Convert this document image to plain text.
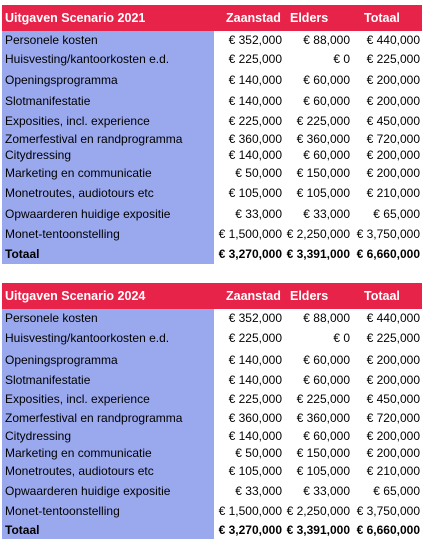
Uitgaven Scenario 2021	Zaanstad Elders	Totaal
Personele kosten	€ 352,000	€ 88,000	€ 440,000
Huisvesting/kantoorkosten e.d.	€ 225,000	€ 0	€ 225,000
Openingsprogramma	€ 140,000	€ 60,000	€ 200,000
Slotmanifestatie	€ 140,000	€ 60,000	€ 200,000
Exposities, incl. experience	€ 225,000	€ 225,000	€ 450,000
Zomerfestival en randprogramma	€ 360,000	€ 360,000	€ 720,000
Citydressing	€ 140,000	€ 60,000	€ 200,000
Marketing en communicatie	€ 50,000	€ 150,000	€ 200,000
Monetroutes, audiotours etc	€ 105,000	€ 105,000	€ 210,000
Opwaarderen huidige expositie	€ 33,000	€ 33,000	€ 65,000
Monet-tentoonstelling	€ 1,500,000 € 2,250,000 € 3,750,000
Totaal	€ 3,270,000 € 3,391,000 € 6,660,000
Uitgaven Scenario 2024	Zaanstad Elders	Totaal
Personele kosten	€ 352,000	€ 88,000	€ 440,000
Huisvesting/kantoorkosten e.d.	€ 225,000	€ 0	€ 225,000
Openingsprogramma	€ 140,000	€ 60,000	€ 200,000
Slotmanifestatie	€ 140,000	€ 60,000	€ 200,000
Exposities, incl. experience	€ 225,000	€ 225,000	€ 450,000
Zomerfestival en randprogramma	€ 360,000	€ 360,000	€ 720,000
Citydressing	€ 140,000	€ 60,000	€ 200,000
Marketing en communicatie	€ 50,000	€ 150,000	€ 200,000
Monetroutes, audiotours etc	€ 105,000	€ 105,000	€ 210,000
Opwaarderen huidige expositie	€ 33,000	€ 33,000	€ 65,000
Monet-tentoonstelling	€ 1,500,000 € 2,250,000 € 3,750,000
Totaal	€ 3,270,000 € 3,391,000 € 6,660,000
